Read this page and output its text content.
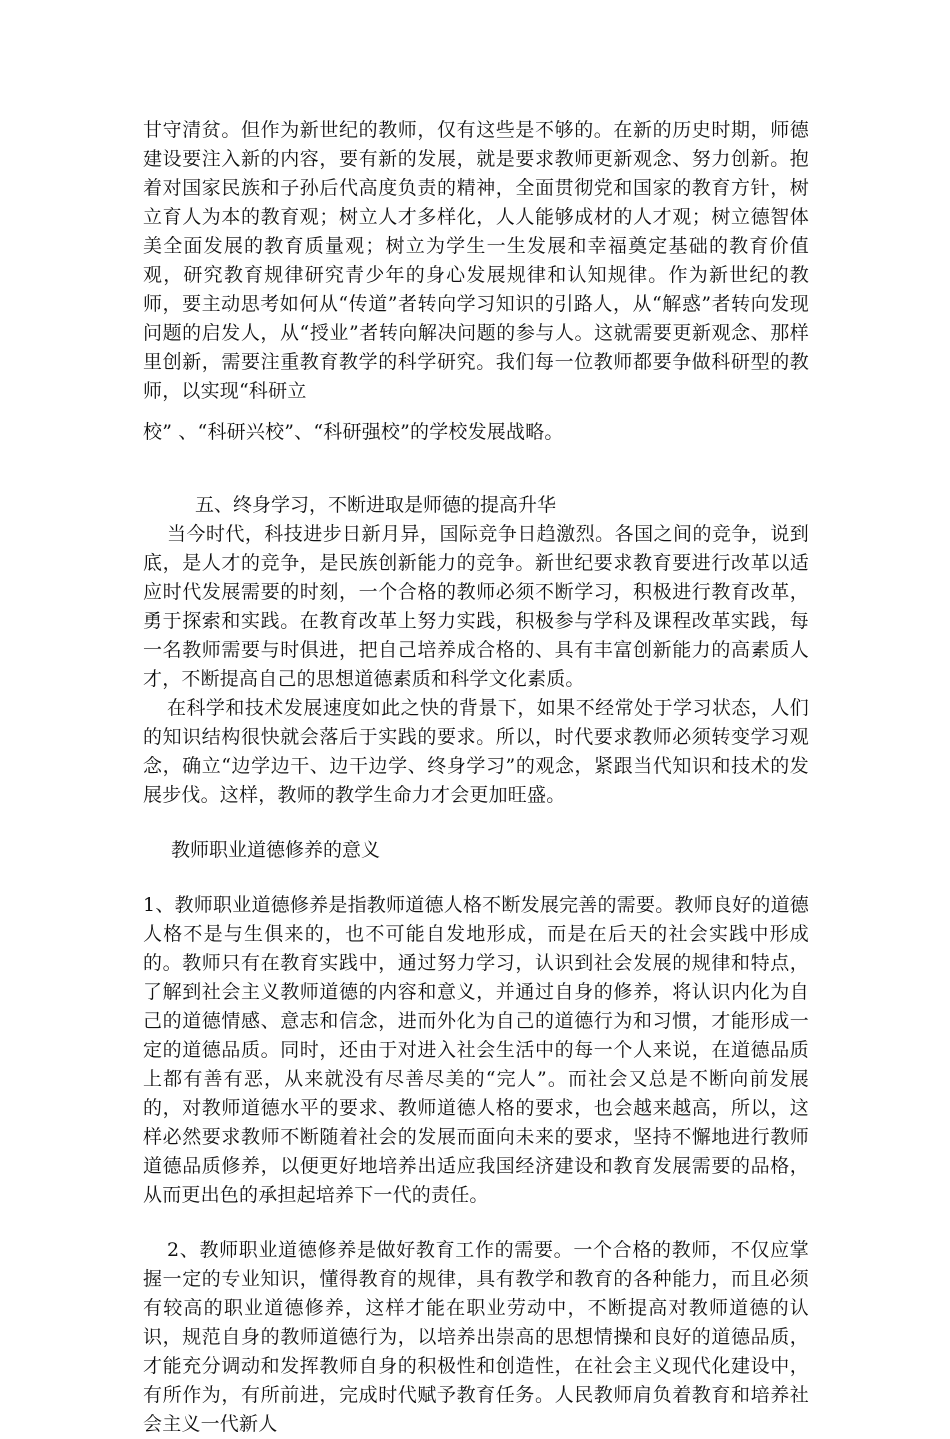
甘守清贫。但作为新世纪的教师，仅有这些是不够的。在新的历史时期，师德建设要注入新的内容，要有新的发展，就是要求教师更新观念、努力创新。抱着对国家民族和子孙后代高度负责的精神，全面贯彻党和国家的教育方针，树立育人为本的教育观；树立人才多样化，人人能够成材的人才观；树立德智体美全面发展的教育质量观；树立为学生一生发展和幸福奠定基础的教育价值观，研究教育规律研究青少年的身心发展规律和认知规律。作为新世纪的教师，要主动思考如何从“传道”者转向学习知识的引路人，从“解惑”者转向发现问题的启发人，从“授业”者转向解决问题的参与人。这就需要更新观念、那样里创新，需要注重教育教学的科学研究。我们每一位教师都要争做科研型的教师，以实现“科研立

校” 、“科研兴校”、“科研强校”的学校发展战略。

五、终身学习，不断进取是师德的提高升华

当今时代，科技进步日新月异，国际竞争日趋激烈。各国之间的竞争，说到底，是人才的竞争，是民族创新能力的竞争。新世纪要求教育要进行改革以适应时代发展需要的时刻，一个合格的教师必须不断学习，积极进行教育改革，勇于探索和实践。在教育改革上努力实践，积极参与学科及课程改革实践，每一名教师需要与时俱进，把自己培养成合格的、具有丰富创新能力的高素质人才，不断提高自己的思想道德素质和科学文化素质。

在科学和技术发展速度如此之快的背景下，如果不经常处于学习状态，人们的知识结构很快就会落后于实践的要求。所以，时代要求教师必须转变学习观念，确立“边学边干、边干边学、终身学习”的观念，紧跟当代知识和技术的发展步伐。这样，教师的教学生命力才会更加旺盛。

教师职业道德修养的意义

1、教师职业道德修养是指教师道德人格不断发展完善的需要。教师良好的道德人格不是与生俱来的，也不可能自发地形成，而是在后天的社会实践中形成的。教师只有在教育实践中，通过努力学习，认识到社会发展的规律和特点，了解到社会主义教师道德的内容和意义，并通过自身的修养，将认识内化为自己的道德情感、意志和信念，进而外化为自己的道德行为和习惯，才能形成一定的道德品质。同时，还由于对进入社会生活中的每一个人来说，在道德品质上都有善有恶，从来就没有尽善尽美的“完人”。而社会又总是不断向前发展的，对教师道德水平的要求、教师道德人格的要求，也会越来越高，所以，这样必然要求教师不断随着社会的发展而面向未来的要求，坚持不懈地进行教师道德品质修养，以便更好地培养出适应我国经济建设和教育发展需要的品格，从而更出色的承担起培养下一代的责任。

2、教师职业道德修养是做好教育工作的需要。一个合格的教师，不仅应掌握一定的专业知识，懂得教育的规律，具有教学和教育的各种能力，而且必须有较高的职业道德修养，这样才能在职业劳动中，不断提高对教师道德的认识，规范自身的教师道德行为，以培养出崇高的思想情操和良好的道德品质，才能充分调动和发挥教师自身的积极性和创造性，在社会主义现代化建设中，有所作为，有所前进，完成时代赋予教育任务。人民教师肩负着教育和培养社会主义一代新人
